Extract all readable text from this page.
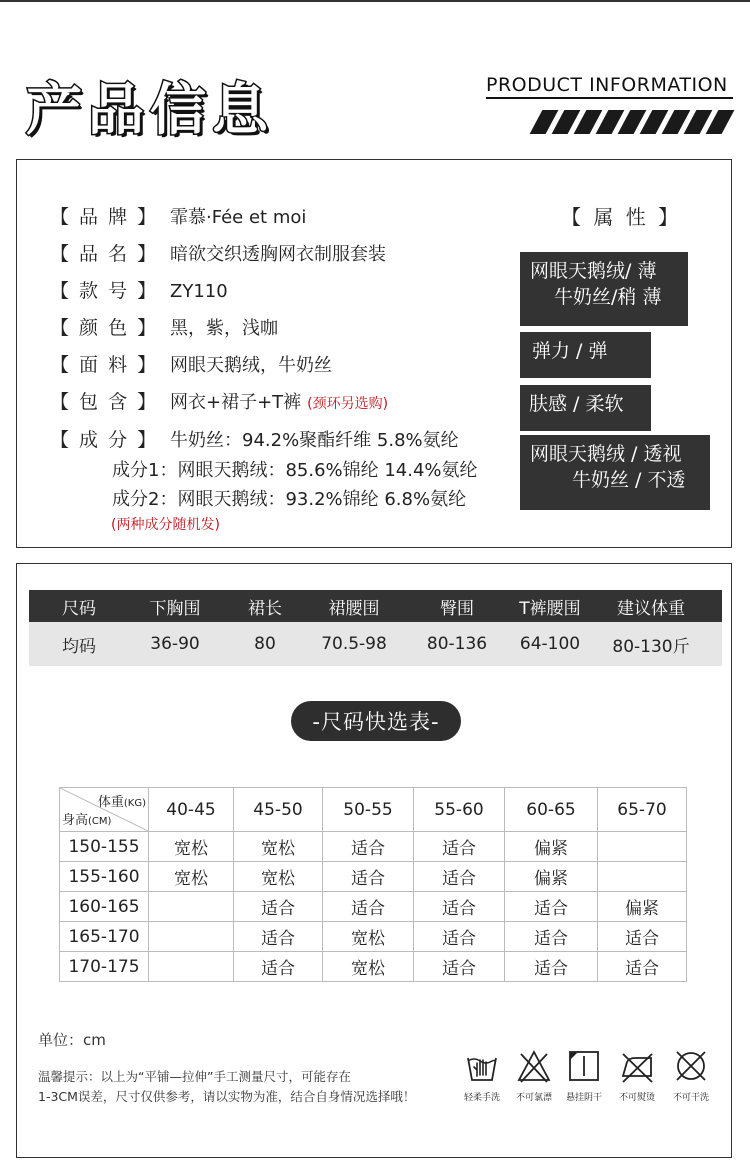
产品信息	PRODUCT INFORMATION
【 品 牌 】 霏慕·Fée et moi
【 品 名 】 暗欲交织透胸网衣制服套装
【 款 号 】 ZY110
【 颜 色 】 黑，紫，浅咖
【 面 料 】 网眼天鹅绒，牛奶丝
【 包 含 】 网衣+裙子+T裤 (颈环另选购)
【 成 分 】 牛奶丝：94.2%聚酯纤维 5.8%氨纶
成分1：网眼天鹅绒：85.6%锦纶 14.4%氨纶
成分2：网眼天鹅绒：93.2%锦纶 6.8%氨纶
(两种成分随机发)
【 属 性 】
网眼天鹅绒/ 薄
牛奶丝/稍 薄
弹力 / 弹
肤感 / 柔软
网眼天鹅绒 / 透视
牛奶丝 / 不透
尺码	下胸围	裙长	裙腰围	臀围	T裤腰围	建议体重
均码	36-90	80	70.5-98	80-136	64-100	80-130斤
-尺码快选表-
体重(KG)
身高(CM)	40-45	45-50	50-55	55-60	60-65	65-70
150-155	宽松	宽松	适合	适合	偏紧	
155-160	宽松	宽松	适合	适合	偏紧	
160-165		适合	适合	适合	适合	偏紧
165-170		适合	宽松	适合	适合	适合
170-175		适合	宽松	适合	适合	适合
单位：cm
温馨提示：以上为“平铺—拉伸”手工测量尺寸，可能存在
1-3CM误差，尺寸仅供参考，请以实物为准，结合自身情况选择哦！	轻柔手洗	不可氯漂	悬挂阴干	不可熨烫	不可干洗
